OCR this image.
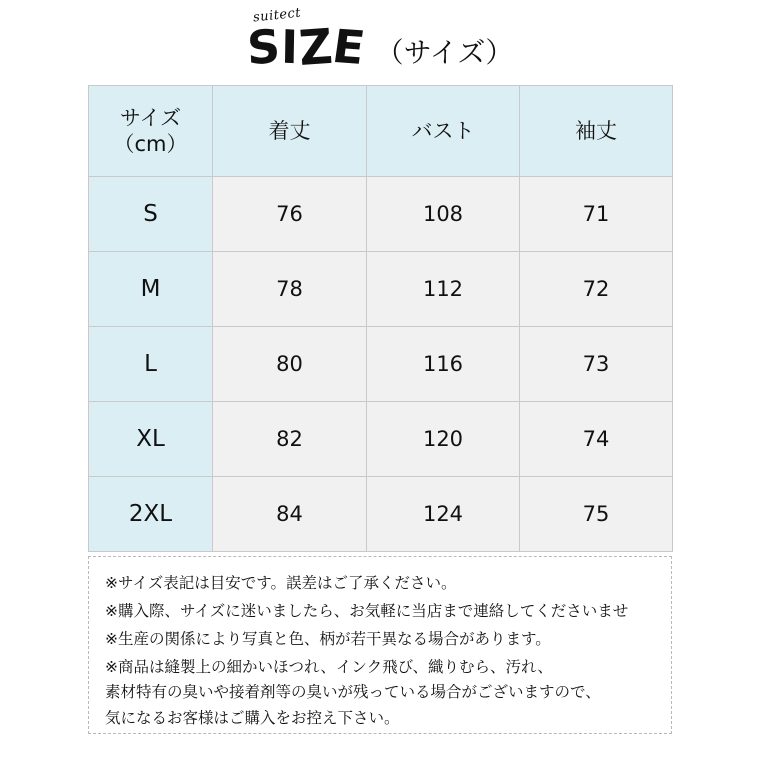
suitect
SIZE （サイズ）
サイズ
（cm）	着丈	バスト	袖丈
S	76	108	71
M	78	112	72
L	80	116	73
XL	82	120	74
2XL	84	124	75

※サイズ表記は目安です。誤差はご了承ください。

※購入際、サイズに迷いましたら、お気軽に当店まで連絡してくださいませ

※生産の関係により写真と色、柄が若干異なる場合があります。

※商品は縫製上の細かいほつれ、インク飛び、織りむら、汚れ、

素材特有の臭いや接着剤等の臭いが残っている場合がございますので、

気になるお客様はご購入をお控え下さい。
